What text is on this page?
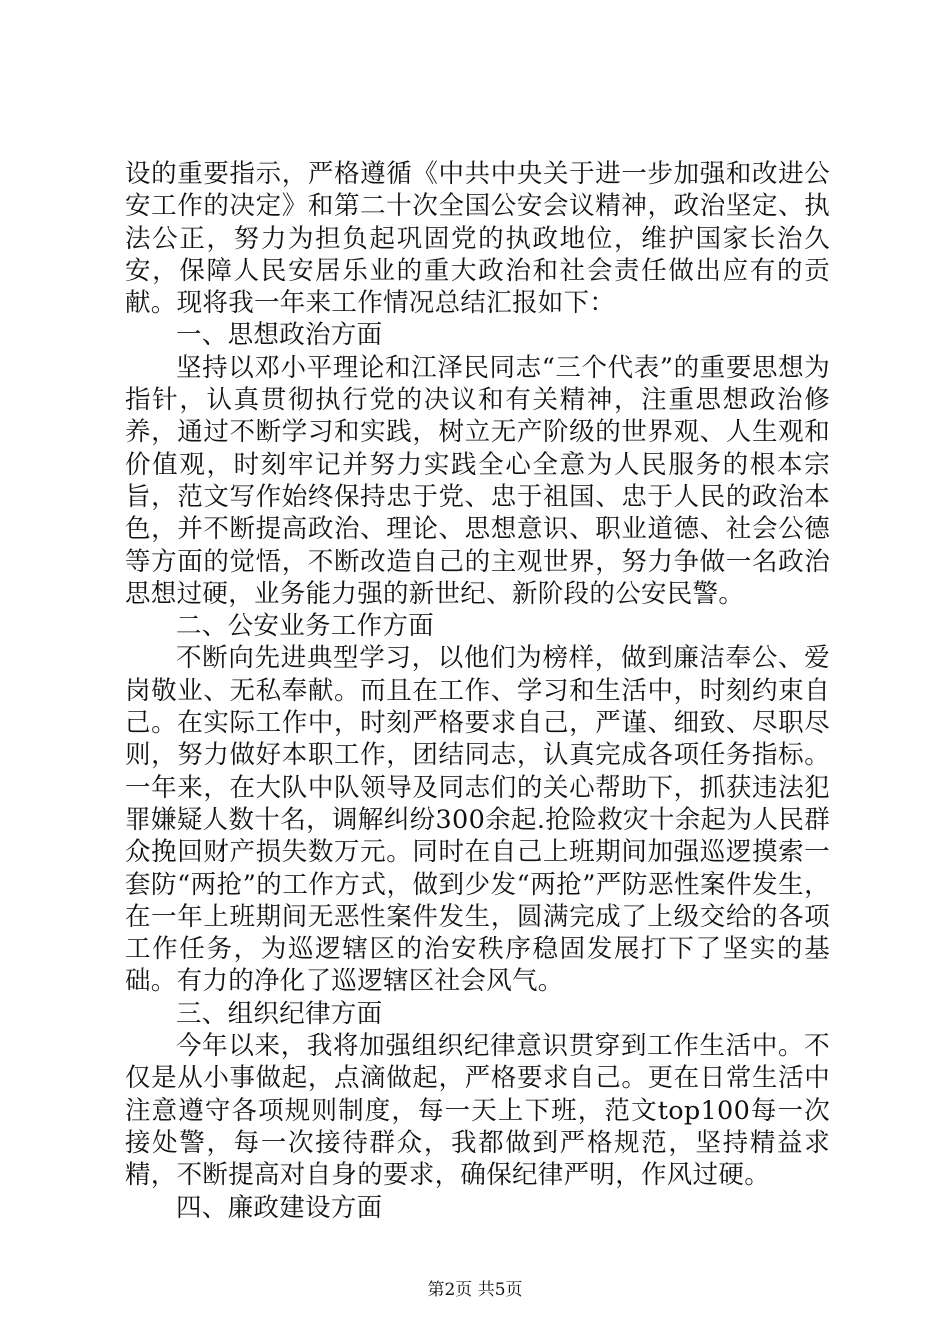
设的重要指示，严格遵循《中共中央关于进一步加强和改进公安工作的决定》和第二十次全国公安会议精神，政治坚定、执法公正，努力为担负起巩固党的执政地位，维护国家长治久安，保障人民安居乐业的重大政治和社会责任做出应有的贡献。现将我一年来工作情况总结汇报如下：

一、思想政治方面

坚持以邓小平理论和江泽民同志“三个代表”的重要思想为指针，认真贯彻执行党的决议和有关精神，注重思想政治修养，通过不断学习和实践，树立无产阶级的世界观、人生观和价值观，时刻牢记并努力实践全心全意为人民服务的根本宗旨，范文写作始终保持忠于党、忠于祖国、忠于人民的政治本色，并不断提高政治、理论、思想意识、职业道德、社会公德等方面的觉悟，不断改造自己的主观世界，努力争做一名政治思想过硬，业务能力强的新世纪、新阶段的公安民警。

二、公安业务工作方面

不断向先进典型学习，以他们为榜样，做到廉洁奉公、爱岗敬业、无私奉献。而且在工作、学习和生活中，时刻约束自己。在实际工作中，时刻严格要求自己，严谨、细致、尽职尽则，努力做好本职工作，团结同志，认真完成各项任务指标。一年来，在大队中队领导及同志们的关心帮助下，抓获违法犯罪嫌疑人数十名，调解纠纷300余起.抢险救灾十余起为人民群众挽回财产损失数万元。同时在自己上班期间加强巡逻摸索一套防“两抢”的工作方式，做到少发“两抢”严防恶性案件发生，在一年上班期间无恶性案件发生，圆满完成了上级交给的各项工作任务，为巡逻辖区的治安秩序稳固发展打下了坚实的基础。有力的净化了巡逻辖区社会风气。

三、组织纪律方面

今年以来，我将加强组织纪律意识贯穿到工作生活中。不仅是从小事做起，点滴做起，严格要求自己。更在日常生活中注意遵守各项规则制度，每一天上下班，范文top100每一次接处警，每一次接待群众，我都做到严格规范，坚持精益求精，不断提高对自身的要求，确保纪律严明，作风过硬。

四、廉政建设方面

第2页 共5页
